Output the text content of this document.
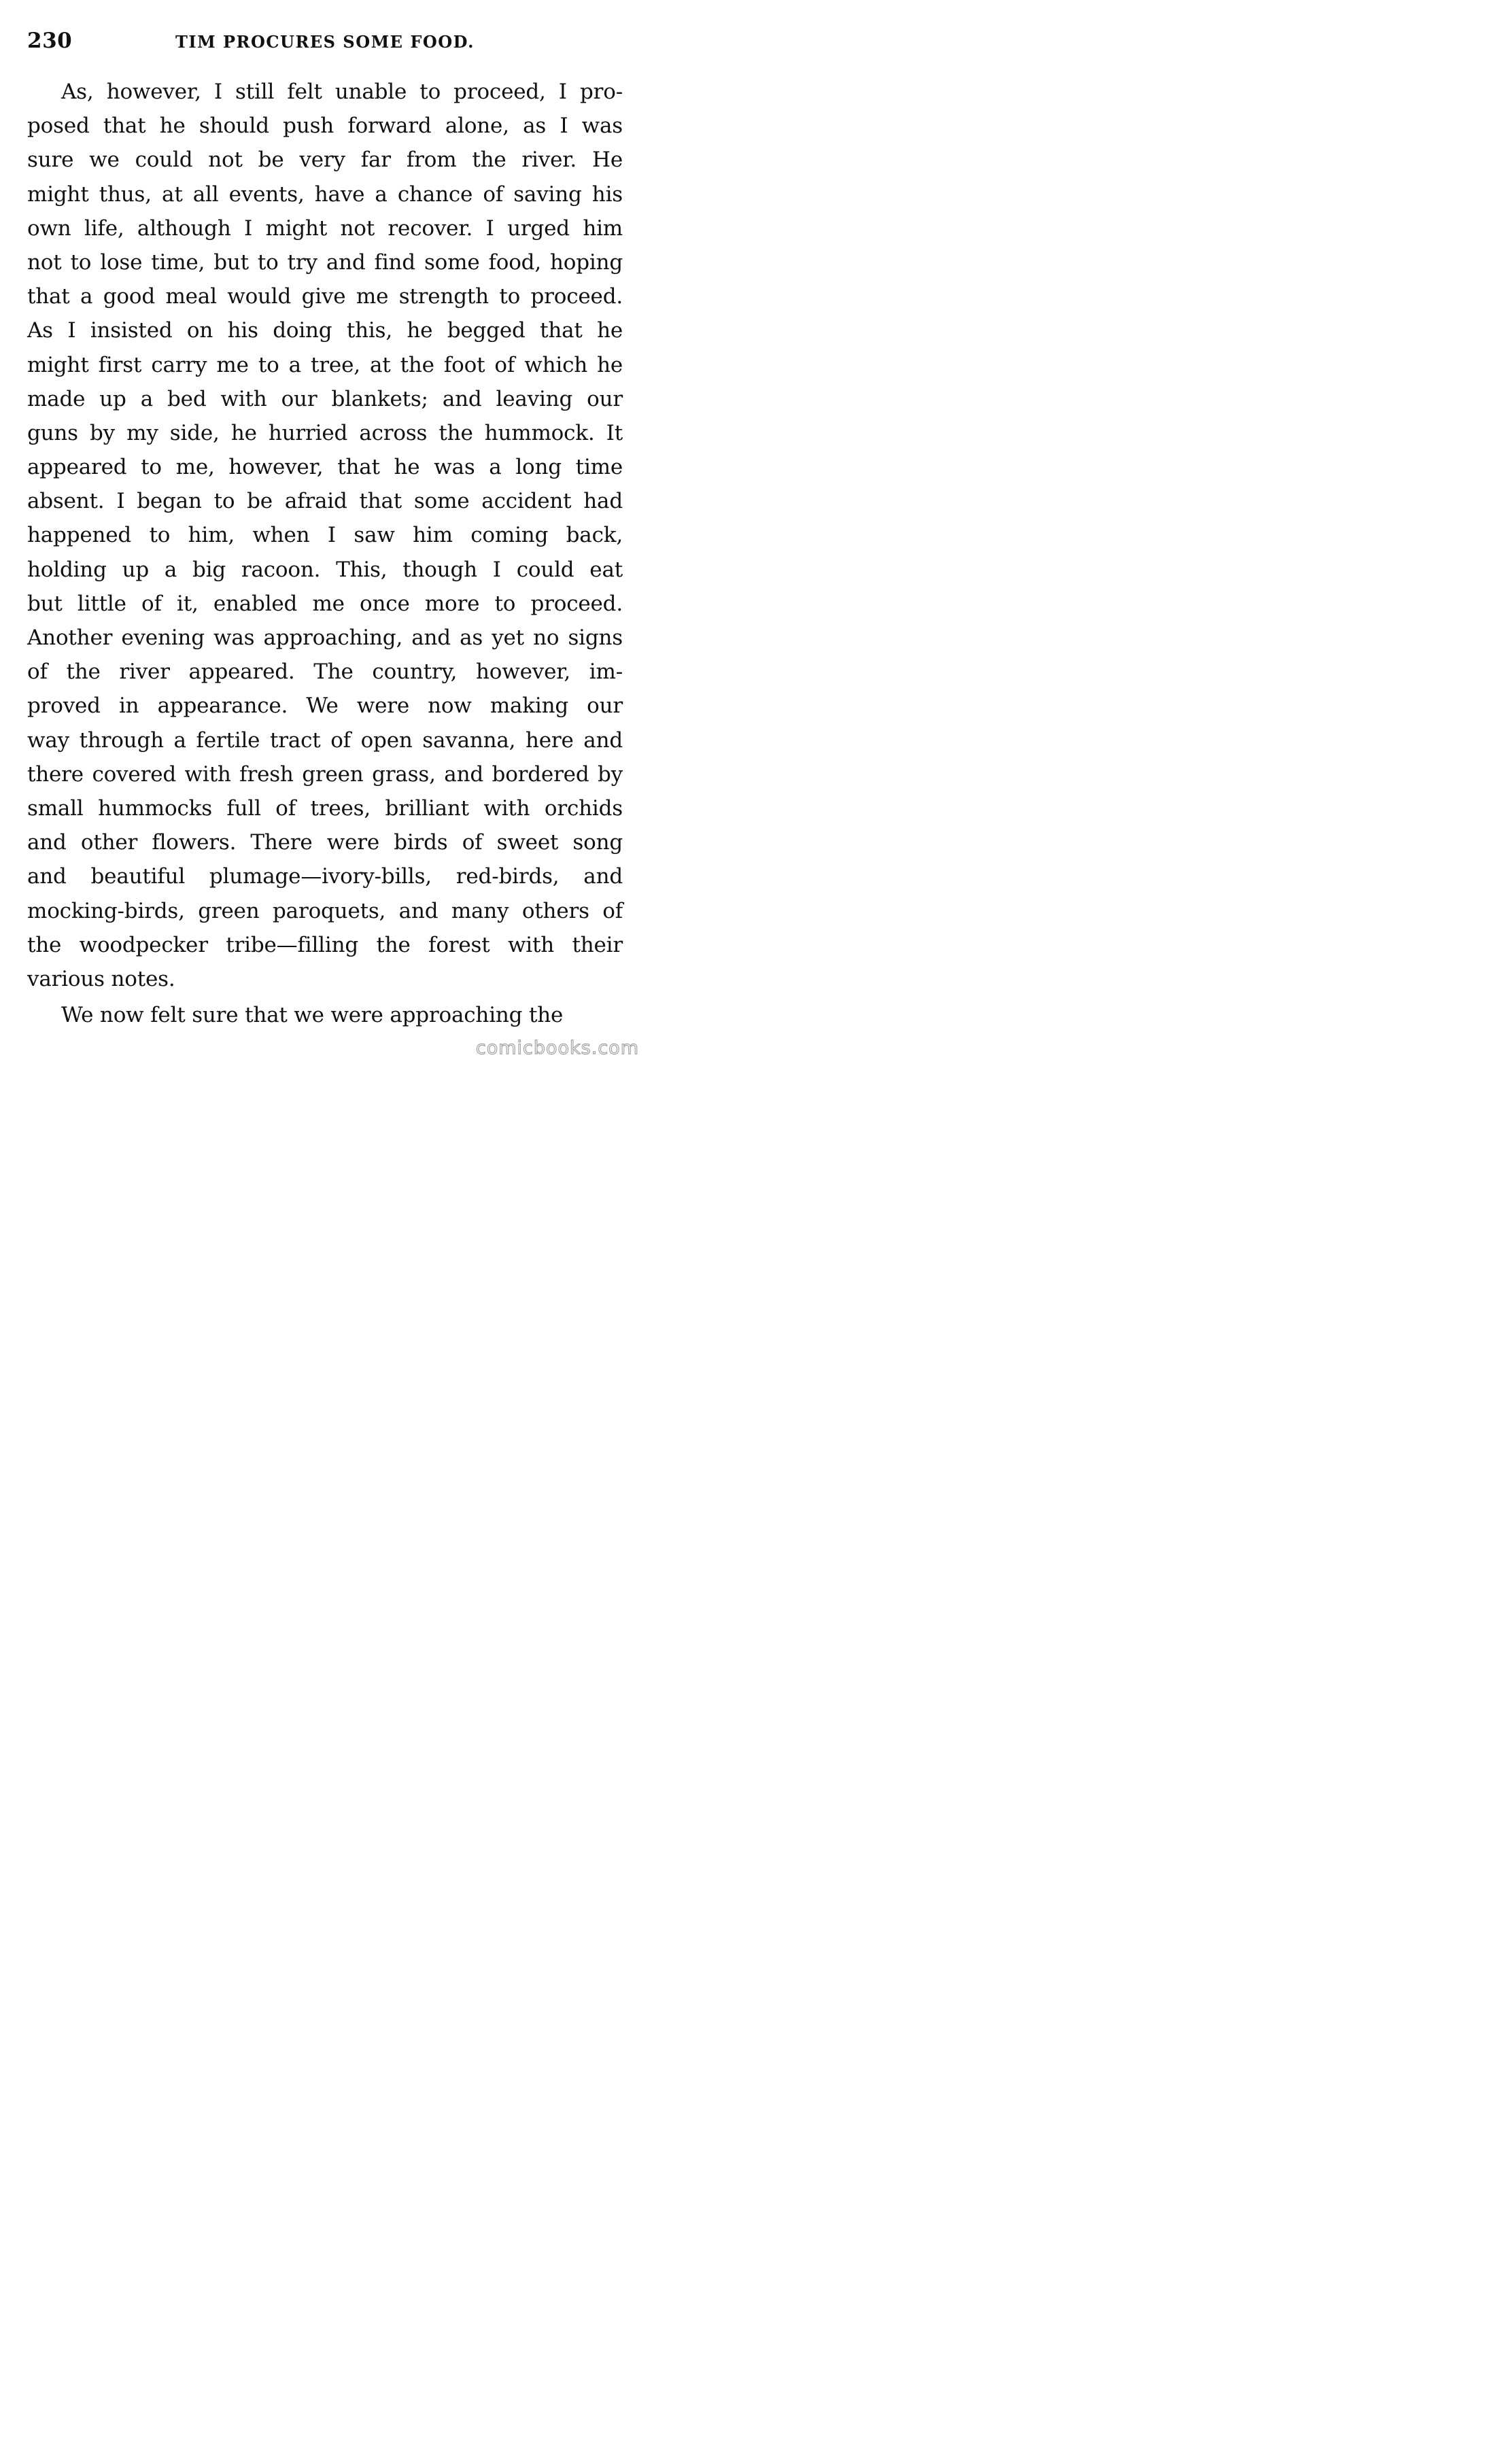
230	TIM PROCURES SOME FOOD.
As, however, I still felt unable to proceed, I pro-
posed that he should push forward alone, as I was
sure we could not be very far from the river. He
might thus, at all events, have a chance of saving his
own life, although I might not recover. I urged him
not to lose time, but to try and find some food, hoping
that a good meal would give me strength to proceed.
As I insisted on his doing this, he begged that he
might first carry me to a tree, at the foot of which he
made up a bed with our blankets; and leaving our
guns by my side, he hurried across the hummock. It
appeared to me, however, that he was a long time
absent. I began to be afraid that some accident had
happened to him, when I saw him coming back,
holding up a big racoon. This, though I could eat
but little of it, enabled me once more to proceed.
Another evening was approaching, and as yet no signs
of the river appeared. The country, however, im-
proved in appearance. We were now making our
way through a fertile tract of open savanna, here and
there covered with fresh green grass, and bordered by
small hummocks full of trees, brilliant with orchids
and other flowers. There were birds of sweet song
and beautiful plumage—ivory-bills, red-birds, and
mocking-birds, green paroquets, and many others of
the woodpecker tribe—filling the forest with their
various notes.
We now felt sure that we were approaching the
comicbooks.com
